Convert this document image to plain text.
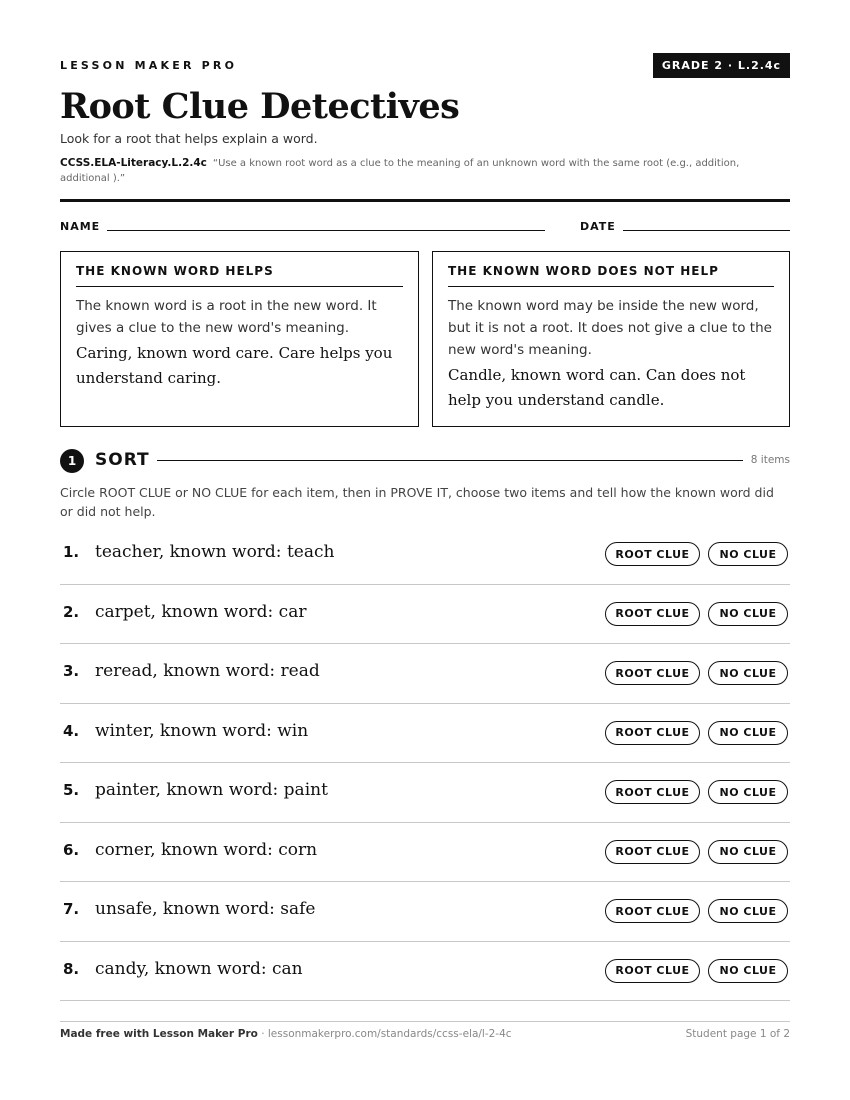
LESSON MAKER PRO	GRADE 2 · L.2.4c
Root Clue Detectives
Look for a root that helps explain a word.
CCSS.ELA-Literacy.L.2.4c “Use a known root word as a clue to the meaning of an unknown word with the same root (e.g., addition, additional ).”
NAME	DATE
THE KNOWN WORD HELPS
The known word is a root in the new word. It gives a clue to the new word's meaning.
Caring, known word care. Care helps you understand caring.
THE KNOWN WORD DOES NOT HELP
The known word may be inside the new word, but it is not a root. It does not give a clue to the new word's meaning.
Candle, known word can. Can does not help you understand candle.
1	SORT	8 items
Circle ROOT CLUE or NO CLUE for each item, then in PROVE IT, choose two items and tell how the known word did or did not help.
1. teacher, known word: teach	ROOT CLUE	NO CLUE
2. carpet, known word: car	ROOT CLUE	NO CLUE
3. reread, known word: read	ROOT CLUE	NO CLUE
4. winter, known word: win	ROOT CLUE	NO CLUE
5. painter, known word: paint	ROOT CLUE	NO CLUE
6. corner, known word: corn	ROOT CLUE	NO CLUE
7. unsafe, known word: safe	ROOT CLUE	NO CLUE
8. candy, known word: can	ROOT CLUE	NO CLUE
Made free with Lesson Maker Pro · lessonmakerpro.com/standards/ccss-ela/l-2-4c	Student page 1 of 2
